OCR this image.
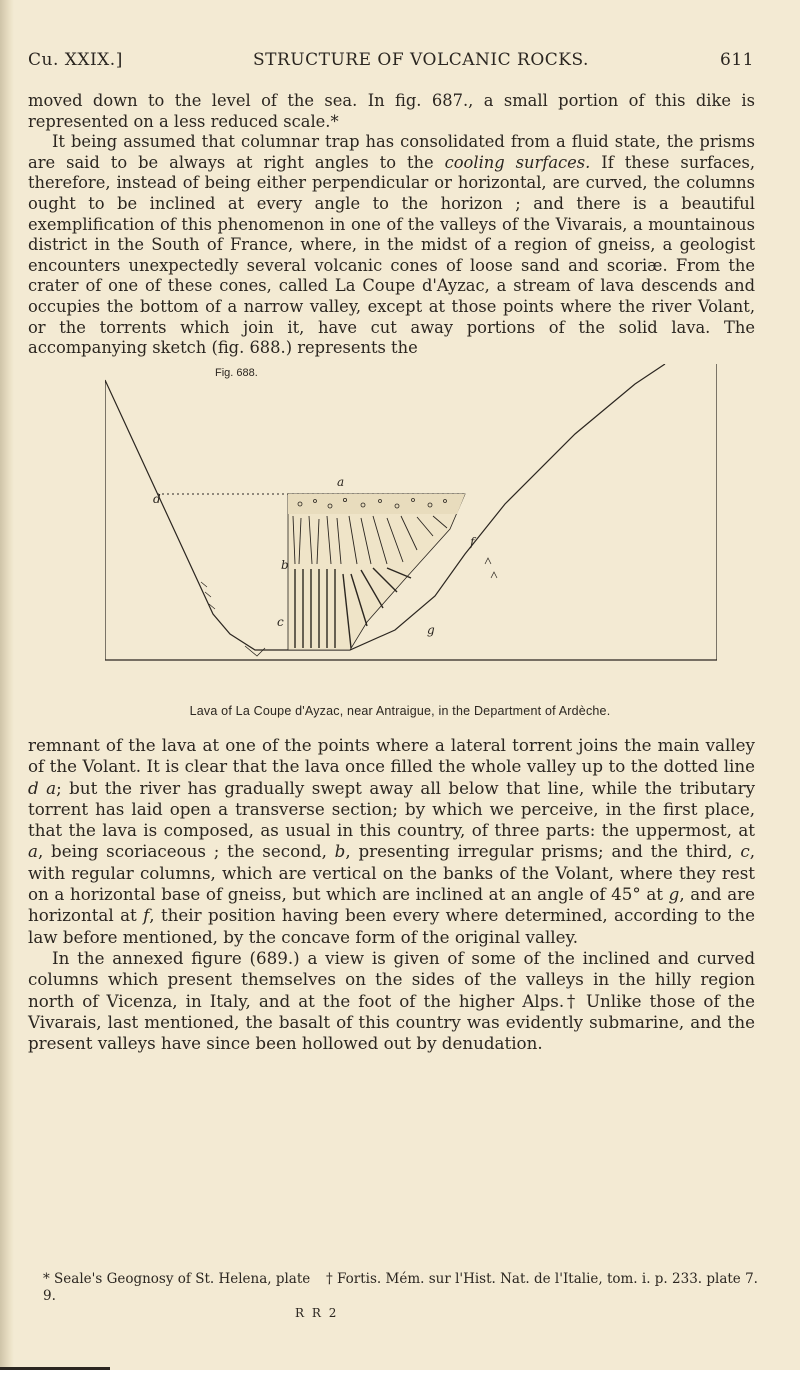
Cu. XXIX.]	STRUCTURE OF VOLCANIC ROCKS.	611

moved down to the level of the sea. In fig. 687., a small portion of this dike is represented on a less reduced scale.*

It being assumed that columnar trap has consolidated from a fluid state, the prisms are said to be always at right angles to the cooling surfaces. If these surfaces, therefore, instead of being either perpendicular or horizontal, are curved, the columns ought to be inclined at every angle to the horizon ; and there is a beautiful exemplification of this phenomenon in one of the valleys of the Vivarais, a mountainous district in the South of France, where, in the midst of a region of gneiss, a geologist encounters unexpectedly several volcanic cones of loose sand and scoriæ. From the crater of one of these cones, called La Coupe d'Ayzac, a stream of lava descends and occupies the bottom of a narrow valley, except at those points where the river Volant, or the torrents which join it, have cut away portions of the solid lava. The accompanying sketch (fig. 688.) represents the

Fig. 688.
d
a
b
c
f
g
Lava of La Coupe d'Ayzac, near Antraigue, in the Department of Ardèche.

remnant of the lava at one of the points where a lateral torrent joins the main valley of the Volant. It is clear that the lava once filled the whole valley up to the dotted line d a; but the river has gradually swept away all below that line, while the tributary torrent has laid open a transverse section; by which we perceive, in the first place, that the lava is composed, as usual in this country, of three parts: the uppermost, at a, being scoriaceous ; the second, b, presenting irregular prisms; and the third, c, with regular columns, which are vertical on the banks of the Volant, where they rest on a horizontal base of gneiss, but which are inclined at an angle of 45° at g, and are horizontal at f, their position having been every where determined, according to the law before mentioned, by the concave form of the original valley.

In the annexed figure (689.) a view is given of some of the inclined and curved columns which present themselves on the sides of the valleys in the hilly region north of Vicenza, in Italy, and at the foot of the higher Alps.† Unlike those of the Vivarais, last mentioned, the basalt of this country was evidently submarine, and the present valleys have since been hollowed out by denudation.

* Seale's Geognosy of St. Helena, plate 9.
† Fortis. Mém. sur l'Hist. Nat. de l'Italie, tom. i. p. 233. plate 7.
R R 2
